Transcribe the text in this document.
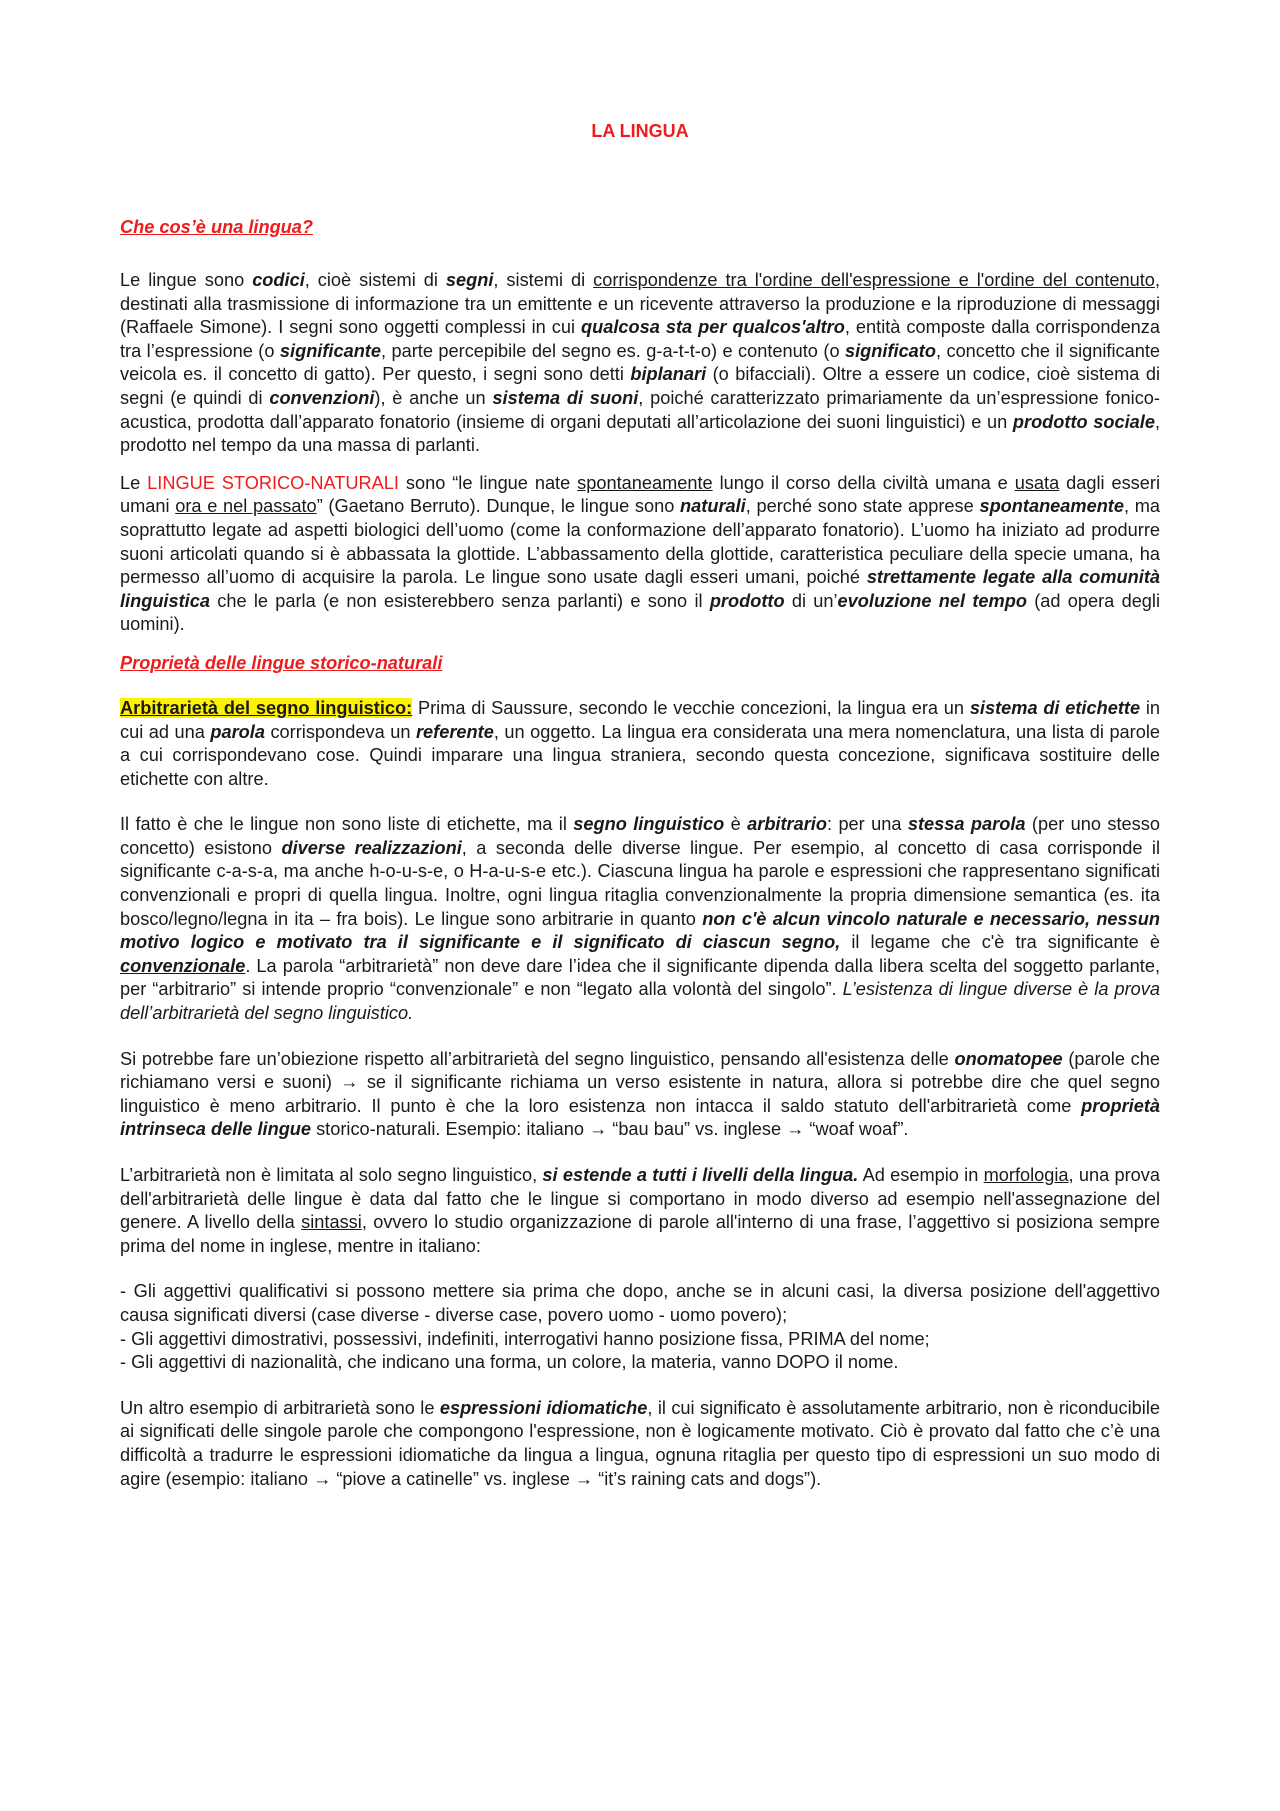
LA LINGUA
Che cos’è una lingua?

Le lingue sono codici, cioè sistemi di segni, sistemi di corrispondenze tra l'ordine dell'espressione e l'ordine del contenuto, destinati alla trasmissione di informazione tra un emittente e un ricevente attraverso la produzione e la riproduzione di messaggi (Raffaele Simone). I segni sono oggetti complessi in cui qualcosa sta per qualcos'altro, entità composte dalla corrispondenza tra l’espressione (o significante, parte percepibile del segno es. g-a-t-t-o) e contenuto (o significato, concetto che il significante veicola es. il concetto di gatto). Per questo, i segni sono detti biplanari (o bifacciali). Oltre a essere un codice, cioè sistema di segni (e quindi di convenzioni), è anche un sistema di suoni, poiché caratterizzato primariamente da un’espressione fonico-acustica, prodotta dall’apparato fonatorio (insieme di organi deputati all’articolazione dei suoni linguistici) e un prodotto sociale, prodotto nel tempo da una massa di parlanti.

Le LINGUE STORICO-NATURALI sono “le lingue nate spontaneamente lungo il corso della civiltà umana e usata dagli esseri umani ora e nel passato” (Gaetano Berruto). Dunque, le lingue sono naturali, perché sono state apprese spontaneamente, ma soprattutto legate ad aspetti biologici dell’uomo (come la conformazione dell’apparato fonatorio). L’uomo ha iniziato ad produrre suoni articolati quando si è abbassata la glottide. L’abbassamento della glottide, caratteristica peculiare della specie umana, ha permesso all’uomo di acquisire la parola. Le lingue sono usate dagli esseri umani, poiché strettamente legate alla comunità linguistica che le parla (e non esisterebbero senza parlanti) e sono il prodotto di un’evoluzione nel tempo (ad opera degli uomini).

Proprietà delle lingue storico-naturali

Arbitrarietà del segno linguistico: Prima di Saussure, secondo le vecchie concezioni, la lingua era un sistema di etichette in cui ad una parola corrispondeva un referente, un oggetto. La lingua era considerata una mera nomenclatura, una lista di parole a cui corrispondevano cose. Quindi imparare una lingua straniera, secondo questa concezione, significava sostituire delle etichette con altre.

Il fatto è che le lingue non sono liste di etichette, ma il segno linguistico è arbitrario: per una stessa parola (per uno stesso concetto) esistono diverse realizzazioni, a seconda delle diverse lingue. Per esempio, al concetto di casa corrisponde il significante c-a-s-a, ma anche h-o-u-s-e, o H-a-u-s-e etc.). Ciascuna lingua ha parole e espressioni che rappresentano significati convenzionali e propri di quella lingua. Inoltre, ogni lingua ritaglia convenzionalmente la propria dimensione semantica (es. ita bosco/legno/legna in ita – fra bois). Le lingue sono arbitrarie in quanto non c'è alcun vincolo naturale e necessario, nessun motivo logico e motivato tra il significante e il significato di ciascun segno, il legame che c'è tra significante è convenzionale. La parola “arbitrarietà” non deve dare l’idea che il significante dipenda dalla libera scelta del soggetto parlante, per “arbitrario” si intende proprio “convenzionale” e non “legato alla volontà del singolo”. L’esistenza di lingue diverse è la prova dell’arbitrarietà del segno linguistico.

Si potrebbe fare un’obiezione rispetto all’arbitrarietà del segno linguistico, pensando all'esistenza delle onomatopee (parole che richiamano versi e suoni) → se il significante richiama un verso esistente in natura, allora si potrebbe dire che quel segno linguistico è meno arbitrario. Il punto è che la loro esistenza non intacca il saldo statuto dell'arbitrarietà come proprietà intrinseca delle lingue storico-naturali. Esempio: italiano → “bau bau” vs. inglese → “woaf woaf”.

L’arbitrarietà non è limitata al solo segno linguistico, si estende a tutti i livelli della lingua. Ad esempio in morfologia, una prova dell'arbitrarietà delle lingue è data dal fatto che le lingue si comportano in modo diverso ad esempio nell'assegnazione del genere. A livello della sintassi, ovvero lo studio organizzazione di parole all'interno di una frase, l’aggettivo si posiziona sempre prima del nome in inglese, mentre in italiano:

- Gli aggettivi qualificativi si possono mettere sia prima che dopo, anche se in alcuni casi, la diversa posizione dell'aggettivo causa significati diversi (case diverse - diverse case, povero uomo - uomo povero);
- Gli aggettivi dimostrativi, possessivi, indefiniti, interrogativi hanno posizione fissa, PRIMA del nome;
- Gli aggettivi di nazionalità, che indicano una forma, un colore, la materia, vanno DOPO il nome.

Un altro esempio di arbitrarietà sono le espressioni idiomatiche, il cui significato è assolutamente arbitrario, non è riconducibile ai significati delle singole parole che compongono l'espressione, non è logicamente motivato. Ciò è provato dal fatto che c’è una difficoltà a tradurre le espressioni idiomatiche da lingua a lingua, ognuna ritaglia per questo tipo di espressioni un suo modo di agire (esempio: italiano → “piove a catinelle” vs. inglese → “it’s raining cats and dogs”).
